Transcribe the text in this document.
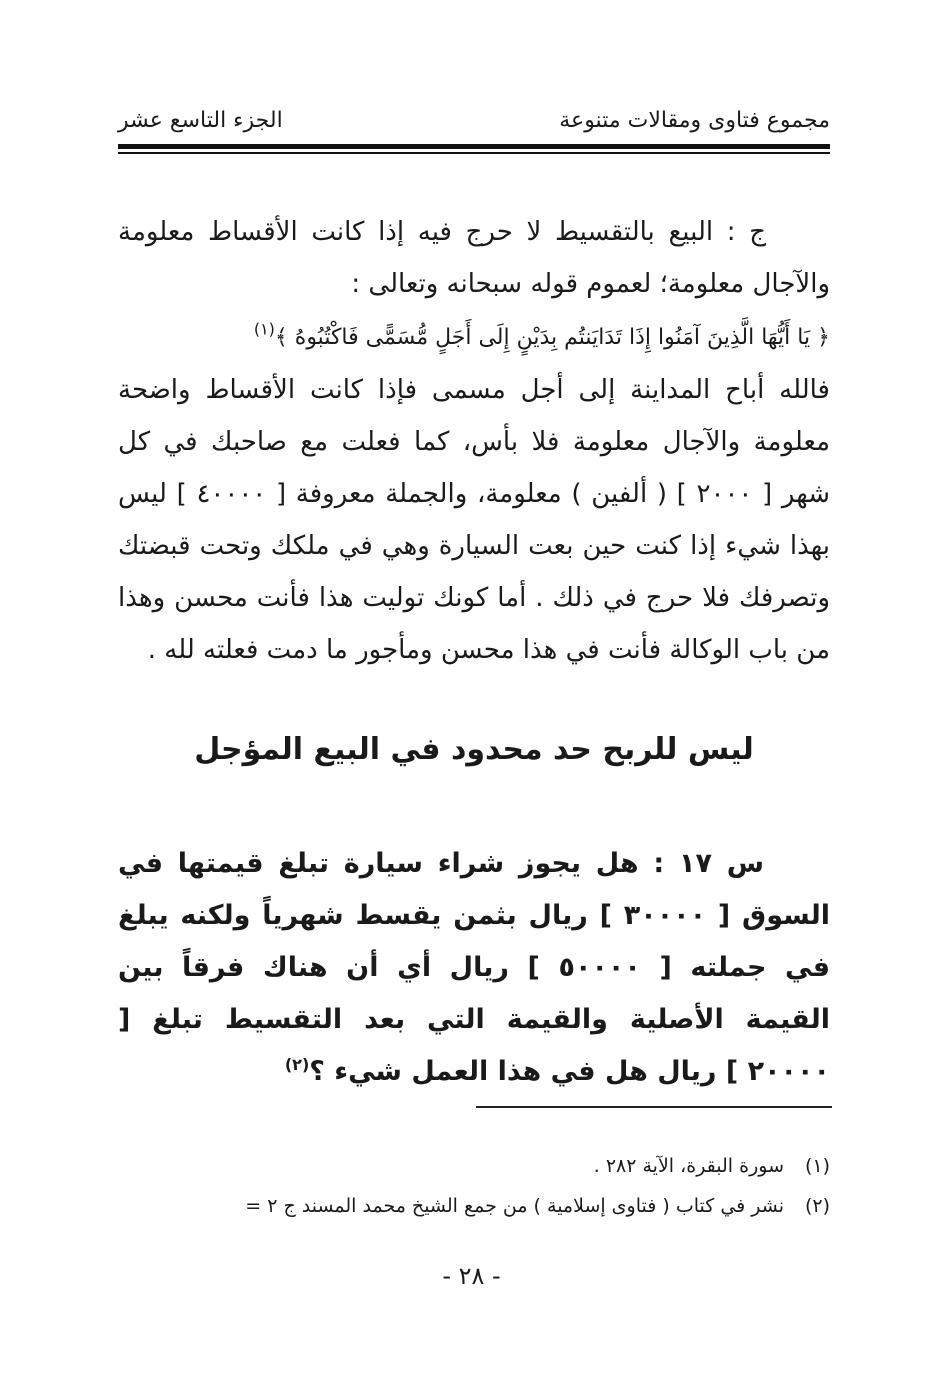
مجموع فتاوى ومقالات متنوعة
الجزء التاسع عشر
ج : البيع بالتقسيط لا حرج فيه إذا كانت الأقساط معلومة والآجال معلومة؛ لعموم قوله سبحانه وتعالى :
﴿ يَا أَيُّهَا الَّذِينَ آمَنُوا إِذَا تَدَايَنتُم بِدَيْنٍ إِلَى أَجَلٍ مُّسَمًّى فَاكْتُبُوهُ ﴾$^{(١)}$
فالله أباح المداينة إلى أجل مسمى فإذا كانت الأقساط واضحة معلومة والآجال معلومة فلا بأس، كما فعلت مع صاحبك في كل شهر [ ٢٠٠٠ ] ( ألفين ) معلومة، والجملة معروفة [ ٤٠٠٠٠ ] ليس بهذا شيء إذا كنت حين بعت السيارة وهي في ملكك وتحت قبضتك وتصرفك فلا حرج في ذلك . أما كونك توليت هذا فأنت محسن وهذا من باب الوكالة فأنت في هذا محسن ومأجور ما دمت فعلته لله .
ليس للربح حد محدود في البيع المؤجل
س ١٧ : هل يجوز شراء سيارة تبلغ قيمتها في السوق [ ٣٠٠٠٠ ] ريال بثمن يقسط شهرياً ولكنه يبلغ في جملته [ ٥٠٠٠٠ ] ريال أي أن هناك فرقاً بين القيمة الأصلية والقيمة التي بعد التقسيط تبلغ [ ٢٠٠٠٠ ] ريال هل في هذا العمل شيء ؟$^{(٢)}$
(١)سورة البقرة، الآية ٢٨٢ .
(٢)نشر في كتاب ( فتاوى إسلامية ) من جمع الشيخ محمد المسند ج ٢ =
- ٢٨ -
